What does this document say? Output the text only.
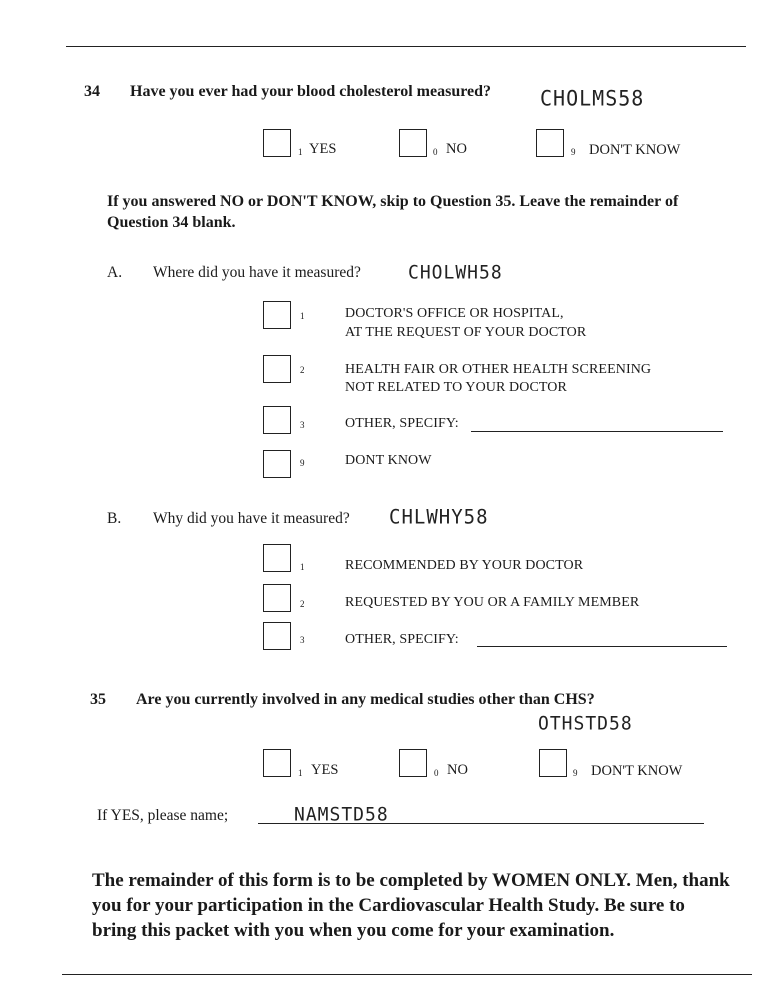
34 Have you ever had your blood cholesterol measured? CHOLMS58
1 YES	0 NO	9 DON'T KNOW
If you answered NO or DON'T KNOW, skip to Question 35. Leave the remainder of Question 34 blank.
A. Where did you have it measured?	CHOLWH58
1	DOCTOR'S OFFICE OR HOSPITAL,
AT THE REQUEST OF YOUR DOCTOR
2	HEALTH FAIR OR OTHER HEALTH SCREENING
NOT RELATED TO YOUR DOCTOR
3	OTHER, SPECIFY:
9	DONT KNOW
B. Why did you have it measured? CHLWHY58
1	RECOMMENDED BY YOUR DOCTOR
2	REQUESTED BY YOU OR A FAMILY MEMBER
3	OTHER, SPECIFY:
35 Are you currently involved in any medical studies other than CHS?
OTHSTD58
1 YES	0 NO	9 DON'T KNOW
If YES, please name;	NAMSTD58
The remainder of this form is to be completed by WOMEN ONLY. Men, thank you for your participation in the Cardiovascular Health Study. Be sure to bring this packet with you when you come for your examination.
